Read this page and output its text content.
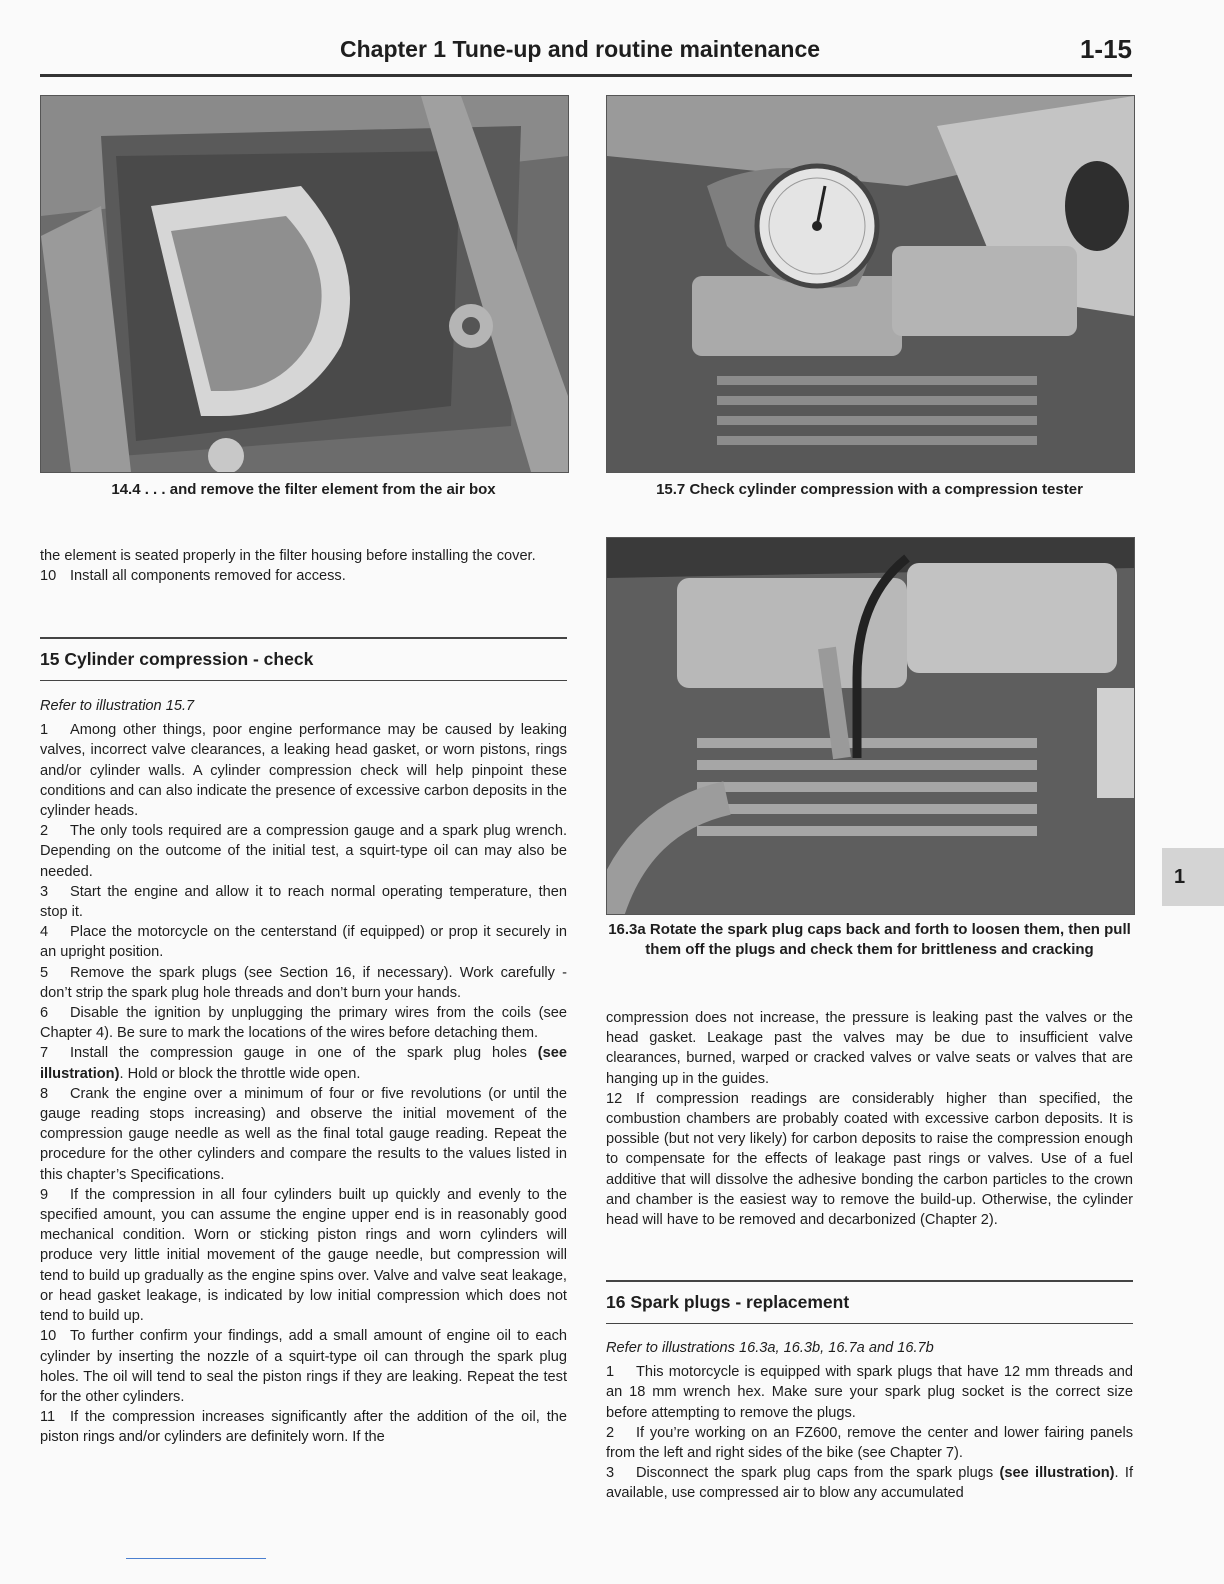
Chapter 1 Tune-up and routine maintenance	1-15
14.4 . . . and remove the filter element from the air box	15.7 Check cylinder compression with a compression tester
16.3a Rotate the spark plug caps back and forth to loosen them, then pull them off the plugs and check them for brittleness and cracking

the element is seated properly in the filter housing before installing the cover.

10 Install all components removed for access.

15 Cylinder compression - check

Refer to illustration 15.7

1 Among other things, poor engine performance may be caused by leaking valves, incorrect valve clearances, a leaking head gasket, or worn pistons, rings and/or cylinder walls. A cylinder compression check will help pinpoint these conditions and can also indicate the presence of excessive carbon deposits in the cylinder heads.

2 The only tools required are a compression gauge and a spark plug wrench. Depending on the outcome of the initial test, a squirt-type oil can may also be needed.

3 Start the engine and allow it to reach normal operating temperature, then stop it.

4 Place the motorcycle on the centerstand (if equipped) or prop it securely in an upright position.

5 Remove the spark plugs (see Section 16, if necessary). Work carefully - don’t strip the spark plug hole threads and don’t burn your hands.

6 Disable the ignition by unplugging the primary wires from the coils (see Chapter 4). Be sure to mark the locations of the wires before detaching them.

7 Install the compression gauge in one of the spark plug holes (see illustration). Hold or block the throttle wide open.

8 Crank the engine over a minimum of four or five revolutions (or until the gauge reading stops increasing) and observe the initial movement of the compression gauge needle as well as the final total gauge reading. Repeat the procedure for the other cylinders and compare the results to the values listed in this chapter’s Specifications.

9 If the compression in all four cylinders built up quickly and evenly to the specified amount, you can assume the engine upper end is in reasonably good mechanical condition. Worn or sticking piston rings and worn cylinders will produce very little initial movement of the gauge needle, but compression will tend to build up gradually as the engine spins over. Valve and valve seat leakage, or head gasket leakage, is indicated by low initial compression which does not tend to build up.

10 To further confirm your findings, add a small amount of engine oil to each cylinder by inserting the nozzle of a squirt-type oil can through the spark plug holes. The oil will tend to seal the piston rings if they are leaking. Repeat the test for the other cylinders.

11 If the compression increases significantly after the addition of the oil, the piston rings and/or cylinders are definitely worn. If the

compression does not increase, the pressure is leaking past the valves or the head gasket. Leakage past the valves may be due to insufficient valve clearances, burned, warped or cracked valves or valve seats or valves that are hanging up in the guides.

12 If compression readings are considerably higher than specified, the combustion chambers are probably coated with excessive carbon deposits. It is possible (but not very likely) for carbon deposits to raise the compression enough to compensate for the effects of leakage past rings or valves. Use of a fuel additive that will dissolve the adhesive bonding the carbon particles to the crown and chamber is the easiest way to remove the build-up. Otherwise, the cylinder head will have to be removed and decarbonized (Chapter 2).

16 Spark plugs - replacement

Refer to illustrations 16.3a, 16.3b, 16.7a and 16.7b

1 This motorcycle is equipped with spark plugs that have 12 mm threads and an 18 mm wrench hex. Make sure your spark plug socket is the correct size before attempting to remove the plugs.

2 If you’re working on an FZ600, remove the center and lower fairing panels from the left and right sides of the bike (see Chapter 7).

3 Disconnect the spark plug caps from the spark plugs (see illustration). If available, use compressed air to blow any accumulated

1
